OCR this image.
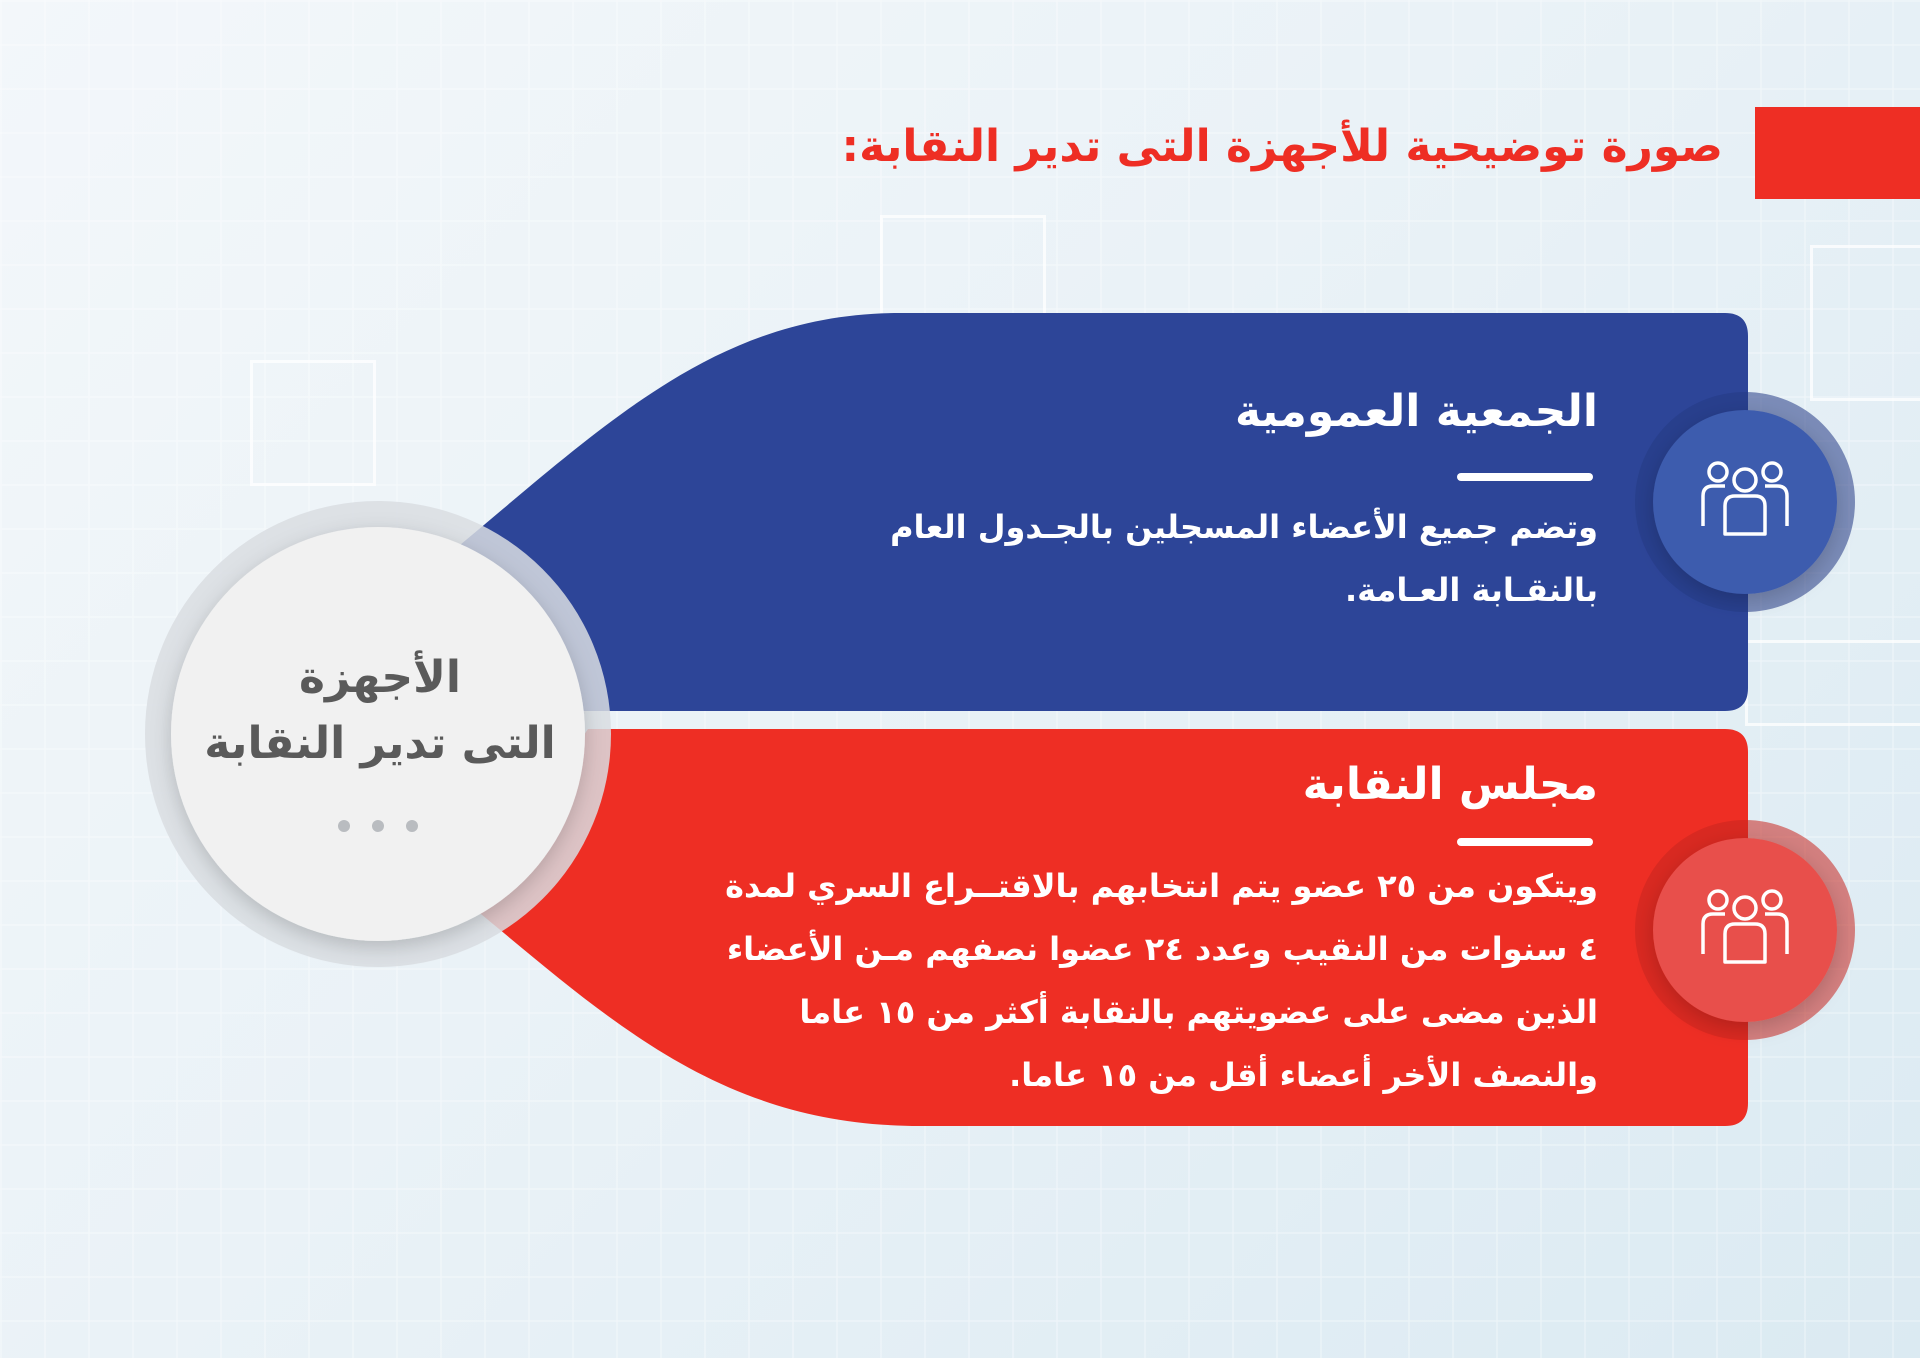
صورة توضيحية للأجهزة التى تدير النقابة:
الأجهزة
التى تدير النقابة
الجمعية العمومية

وتضم جميع الأعضاء المسجلين بالجـدول العام
بالنقـابة العـامة.

مجلس النقابة

ويتكون من ٢٥ عضو يتم انتخابهم بالاقتــراع السري لمدة
٤ سنوات من النقيب وعدد ٢٤ عضوا نصفهم مـن الأعضاء
الذين مضى على عضويتهم بالنقابة أكثر من ١٥ عاما
والنصف الأخر أعضاء أقل من ١٥ عاما.
